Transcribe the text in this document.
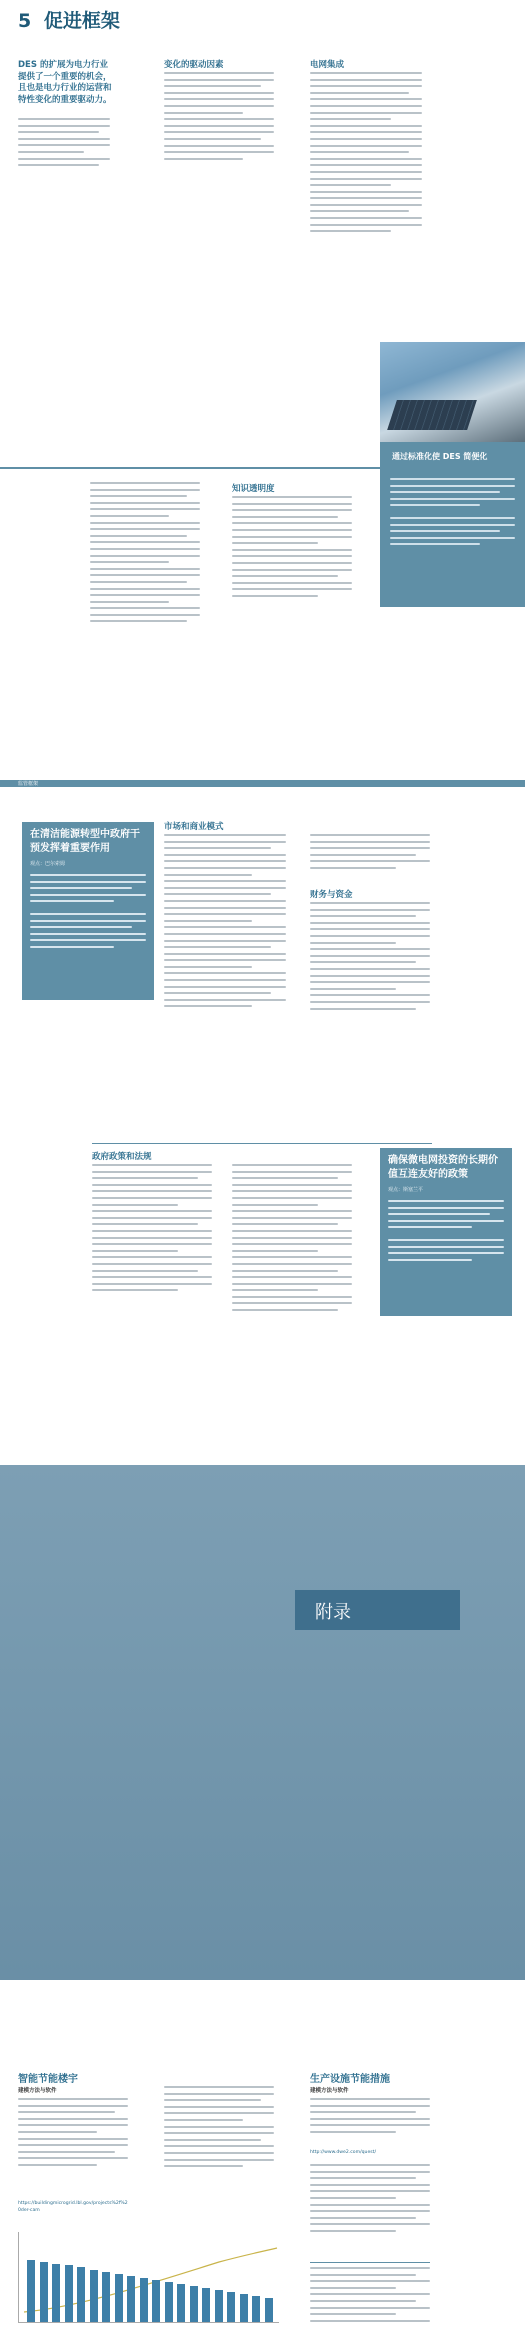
5 促进框架
DES 的扩展为电力行业提供了一个重要的机会，且也是电力行业的运营和特性变化的重要驱动力。
变化的驱动因素	电网集成
通过标准化使 DES 简便化
知识透明度
监管框架
在清洁能源转型中政府干预发挥着重要作用
观点：巴尔索姆
市场和商业模式
财务与资金
政府政策和法规	确保微电网投资的长期价值互连友好的政策
观点：斯塞兰平
附录
智能节能楼宇
建模方法与软件
https://buildingmicrogrid.lbl.gov/projects%2f%20der-cam
生产设施节能措施
建模方法与软件
http://www.dwe2.com/quest/
